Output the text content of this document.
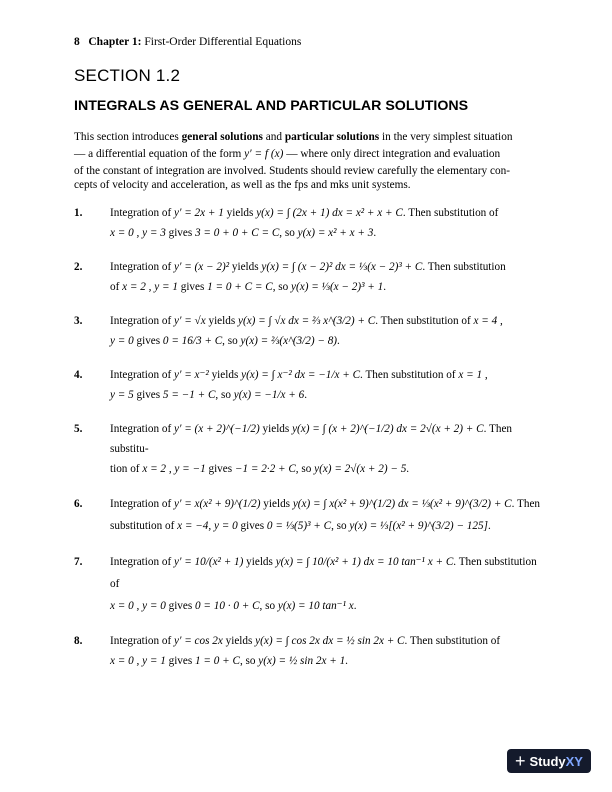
8 Chapter 1: First-Order Differential Equations
SECTION 1.2
INTEGRALS AS GENERAL AND PARTICULAR SOLUTIONS

This section introduces general solutions and particular solutions in the very simplest situation

— a differential equation of the form y′ = f (x) — where only direct integration and evaluation

of the constant of integration are involved. Students should review carefully the elementary con-

cepts of velocity and acceleration, as well as the fps and mks unit systems.

1. Integration of y′ = 2x + 1 yields y(x) = ∫ (2x + 1) dx = x² + x + C. Then substitution of
x = 0 , y = 3 gives 3 = 0 + 0 + C = C, so y(x) = x² + x + 3.
2. Integration of y′ = (x − 2)² yields y(x) = ∫ (x − 2)² dx = ⅓(x − 2)³ + C. Then substitution
of x = 2 , y = 1 gives 1 = 0 + C = C, so y(x) = ⅓(x − 2)³ + 1.
3. Integration of y′ = √x yields y(x) = ∫ √x dx = ⅔ x^(3/2) + C. Then substitution of x = 4 ,
y = 0 gives 0 = 16/3 + C, so y(x) = ⅔(x^(3/2) − 8).
4. Integration of y′ = x⁻² yields y(x) = ∫ x⁻² dx = −1/x + C. Then substitution of x = 1 ,
y = 5 gives 5 = −1 + C, so y(x) = −1/x + 6.
5. Integration of y′ = (x + 2)^(−1/2) yields y(x) = ∫ (x + 2)^(−1/2) dx = 2√(x + 2) + C. Then substitu-
tion of x = 2 , y = −1 gives −1 = 2·2 + C, so y(x) = 2√(x + 2) − 5.
6. Integration of y′ = x(x² + 9)^(1/2) yields y(x) = ∫ x(x² + 9)^(1/2) dx = ⅓(x² + 9)^(3/2) + C. Then
substitution of x = −4, y = 0 gives 0 = ⅓(5)³ + C, so y(x) = ⅓[(x² + 9)^(3/2) − 125].
7. Integration of y′ = 10/(x² + 1) yields y(x) = ∫ 10/(x² + 1) dx = 10 tan⁻¹ x + C. Then substitution of
x = 0 , y = 0 gives 0 = 10 · 0 + C, so y(x) = 10 tan⁻¹ x.
8. Integration of y′ = cos 2x yields y(x) = ∫ cos 2x dx = ½ sin 2x + C. Then substitution of
x = 0 , y = 1 gives 1 = 0 + C, so y(x) = ½ sin 2x + 1.
+ StudyXY
